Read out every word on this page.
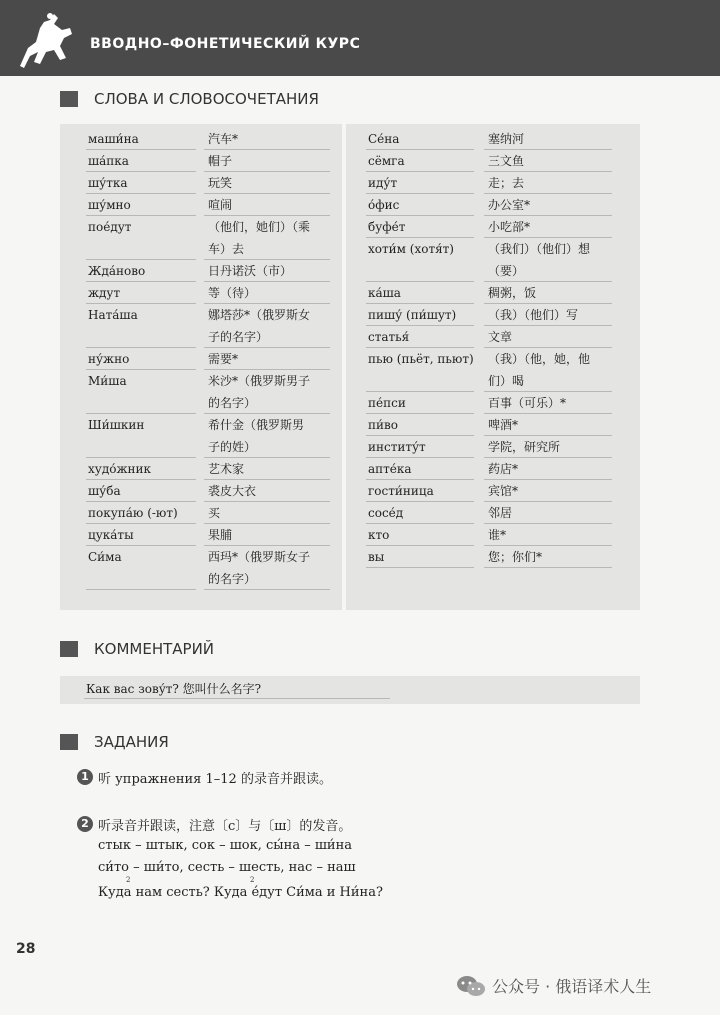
ВВОДНО–ФОНЕТИЧЕСКИЙ КУРС
СЛОВА И СЛОВОСОЧЕТАНИЯ
маши́на	汽车*
ша́пка	帽子
шу́тка	玩笑
шу́мно	喧闹
пое́дут	（他们，她们）（乘
车）去
Жда́ново	日丹诺沃（市）
ждут	等（待）
Ната́ша	娜塔莎*（俄罗斯女
子的名字）
ну́жно	需要*
Ми́ша	米沙*（俄罗斯男子
的名字）
Ши́шкин	希什金（俄罗斯男
子的姓）
худо́жник	艺术家
шу́ба	裘皮大衣
покупа́ю (-ют)	买
цука́ты	果脯
Си́ма	西玛*（俄罗斯女子
的名字）
Се́на	塞纳河
сёмга	三文鱼
иду́т	走；去
о́фис	办公室*
буфе́т	小吃部*
хоти́м (хотя́т)	（我们）（他们）想
（要）
ка́ша	稠粥，饭
пишу́ (пи́шут)	（我）（他们）写
статья́	文章
пью (пьёт, пьют) （我）（他，她，他
们）喝
пе́пси	百事（可乐）*
пи́во	啤酒*
институ́т	学院，研究所
апте́ка	药店*
гости́ница	宾馆*
сосе́д	邻居
кто	谁*
вы	您；你们*
КОММЕНТАРИЙ
Как вас зову́т? 您叫什么名字?
ЗАДАНИЯ
1 听 упражнения 1–12 的录音并跟读。
2 听录音并跟读，注意〔с〕与〔ш〕的发音。
стык – штык, сок – шок, сы́на – ши́на
си́то – ши́то, сесть – шесть, нас – наш
2	2
Куда нам сесть? Куда е́дут Си́ма и Ни́на?
28
公众号 · 俄语译术人生
